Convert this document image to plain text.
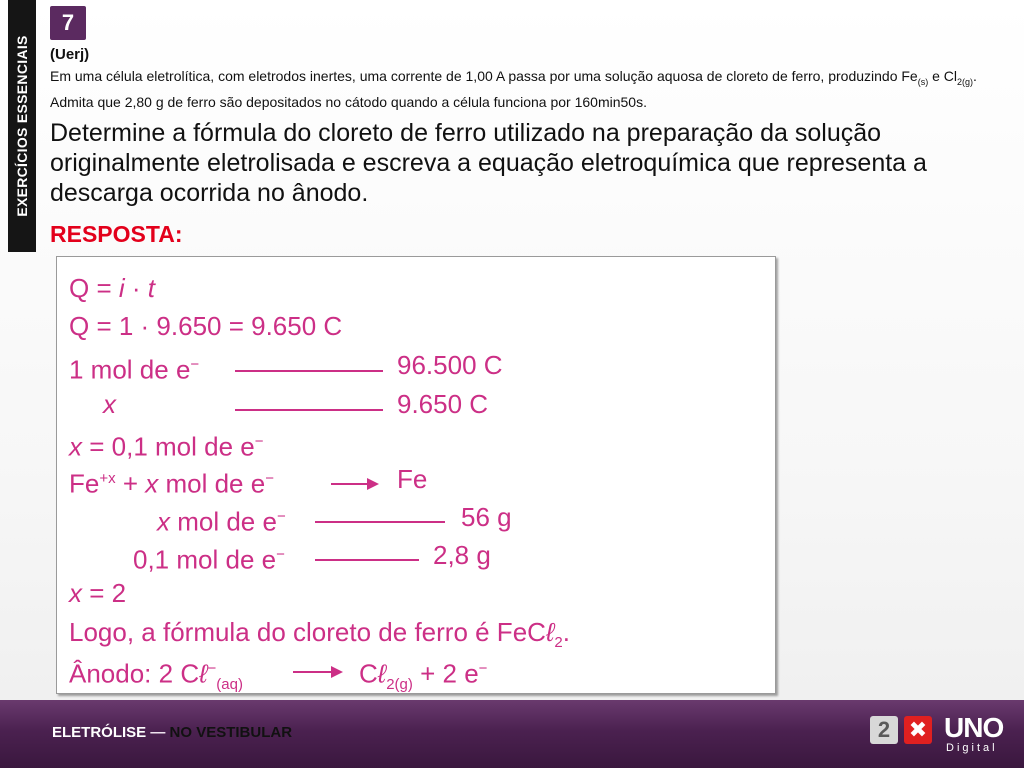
EXERCÍCIOS ESSENCIAIS
7
(Uerj)
Em uma célula eletrolítica, com eletrodos inertes, uma corrente de 1,00 A passa por uma solução aquosa de cloreto de ferro, produzindo $Fe_{(s)}$ e $Cl_{2(g)}$. Admita que 2,80 g de ferro são depositados no cátodo quando a célula funciona por 160min50s.
Determine a fórmula do cloreto de ferro utilizado na preparação da solução originalmente eletrolisada e escreva a equação eletroquímica que representa a descarga ocorrida no ânodo.
RESPOSTA:
Q = i · t
Q = 1 · 9.650 = 9.650 C
1 mol de e−	96.500 C
x	9.650 C
x = 0,1 mol de e−
$Fe^{+x} + x$ mol de e−	→ Fe
x mol de e−	56 g
0,1 mol de e−	2,8 g
x = 2
Logo, a fórmula do cloreto de ferro é FeCℓ$_2$.
Ânodo: 2 Cℓ−$_{(aq)}$ → Cℓ$_{2(g)}$ + 2 e−
ELETRÓLISE — NO VESTIBULAR	2 ✖ UNO
Digital
